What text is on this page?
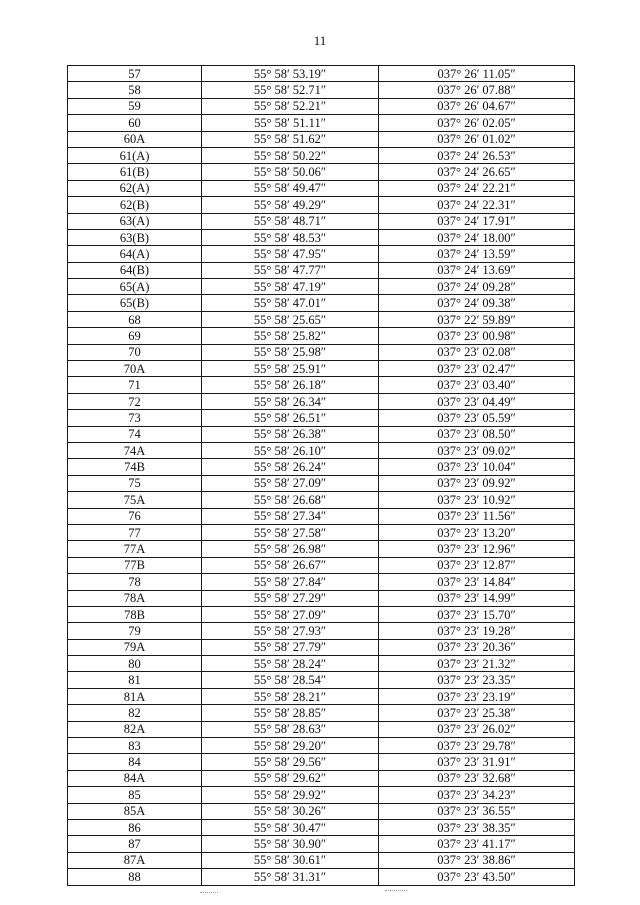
11
57	55° 58′ 53.19″	037° 26′ 11.05″
58	55° 58′ 52.71″	037° 26′ 07.88″
59	55° 58′ 52.21″	037° 26′ 04.67″
60	55° 58′ 51.11″	037° 26′ 02.05″
60A	55° 58′ 51.62″	037° 26′ 01.02″
61(A)	55° 58′ 50.22″	037° 24′ 26.53″
61(B)	55° 58′ 50.06″	037° 24′ 26.65″
62(A)	55° 58′ 49.47″	037° 24′ 22.21″
62(B)	55° 58′ 49.29″	037° 24′ 22.31″
63(A)	55° 58′ 48.71″	037° 24′ 17.91″
63(B)	55° 58′ 48.53″	037° 24′ 18.00″
64(A)	55° 58′ 47.95″	037° 24′ 13.59″
64(B)	55° 58′ 47.77″	037° 24′ 13.69″
65(A)	55° 58′ 47.19″	037° 24′ 09.28″
65(B)	55° 58′ 47.01″	037° 24′ 09.38″
68	55° 58′ 25.65″	037° 22′ 59.89″
69	55° 58′ 25.82″	037° 23′ 00.98″
70	55° 58′ 25.98″	037° 23′ 02.08″
70A	55° 58′ 25.91″	037° 23′ 02.47″
71	55° 58′ 26.18″	037° 23′ 03.40″
72	55° 58′ 26.34″	037° 23′ 04.49″
73	55° 58′ 26.51″	037° 23′ 05.59″
74	55° 58′ 26.38″	037° 23′ 08.50″
74A	55° 58′ 26.10″	037° 23′ 09.02″
74B	55° 58′ 26.24″	037° 23′ 10.04″
75	55° 58′ 27.09″	037° 23′ 09.92″
75A	55° 58′ 26.68″	037° 23′ 10.92″
76	55° 58′ 27.34″	037° 23′ 11.56″
77	55° 58′ 27.58″	037° 23′ 13.20″
77A	55° 58′ 26.98″	037° 23′ 12.96″
77B	55° 58′ 26.67″	037° 23′ 12.87″
78	55° 58′ 27.84″	037° 23′ 14.84″
78A	55° 58′ 27.29″	037° 23′ 14.99″
78B	55° 58′ 27.09″	037° 23′ 15.70″
79	55° 58′ 27.93″	037° 23′ 19.28″
79A	55° 58′ 27.79″	037° 23′ 20.36″
80	55° 58′ 28.24″	037° 23′ 21.32″
81	55° 58′ 28.54″	037° 23′ 23.35″
81A	55° 58′ 28.21″	037° 23′ 23.19″
82	55° 58′ 28.85″	037° 23′ 25.38″
82A	55° 58′ 28.63″	037° 23′ 26.02″
83	55° 58′ 29.20″	037° 23′ 29.78″
84	55° 58′ 29.56″	037° 23′ 31.91″
84A	55° 58′ 29.62″	037° 23′ 32.68″
85	55° 58′ 29.92″	037° 23′ 34.23″
85A	55° 58′ 30.26″	037° 23′ 36.55″
86	55° 58′ 30.47″	037° 23′ 38.35″
87	55° 58′ 30.90″	037° 23′ 41.17″
87A	55° 58′ 30.61″	037° 23′ 38.86″
88	55° 58′ 31.31″	037° 23′ 43.50″
